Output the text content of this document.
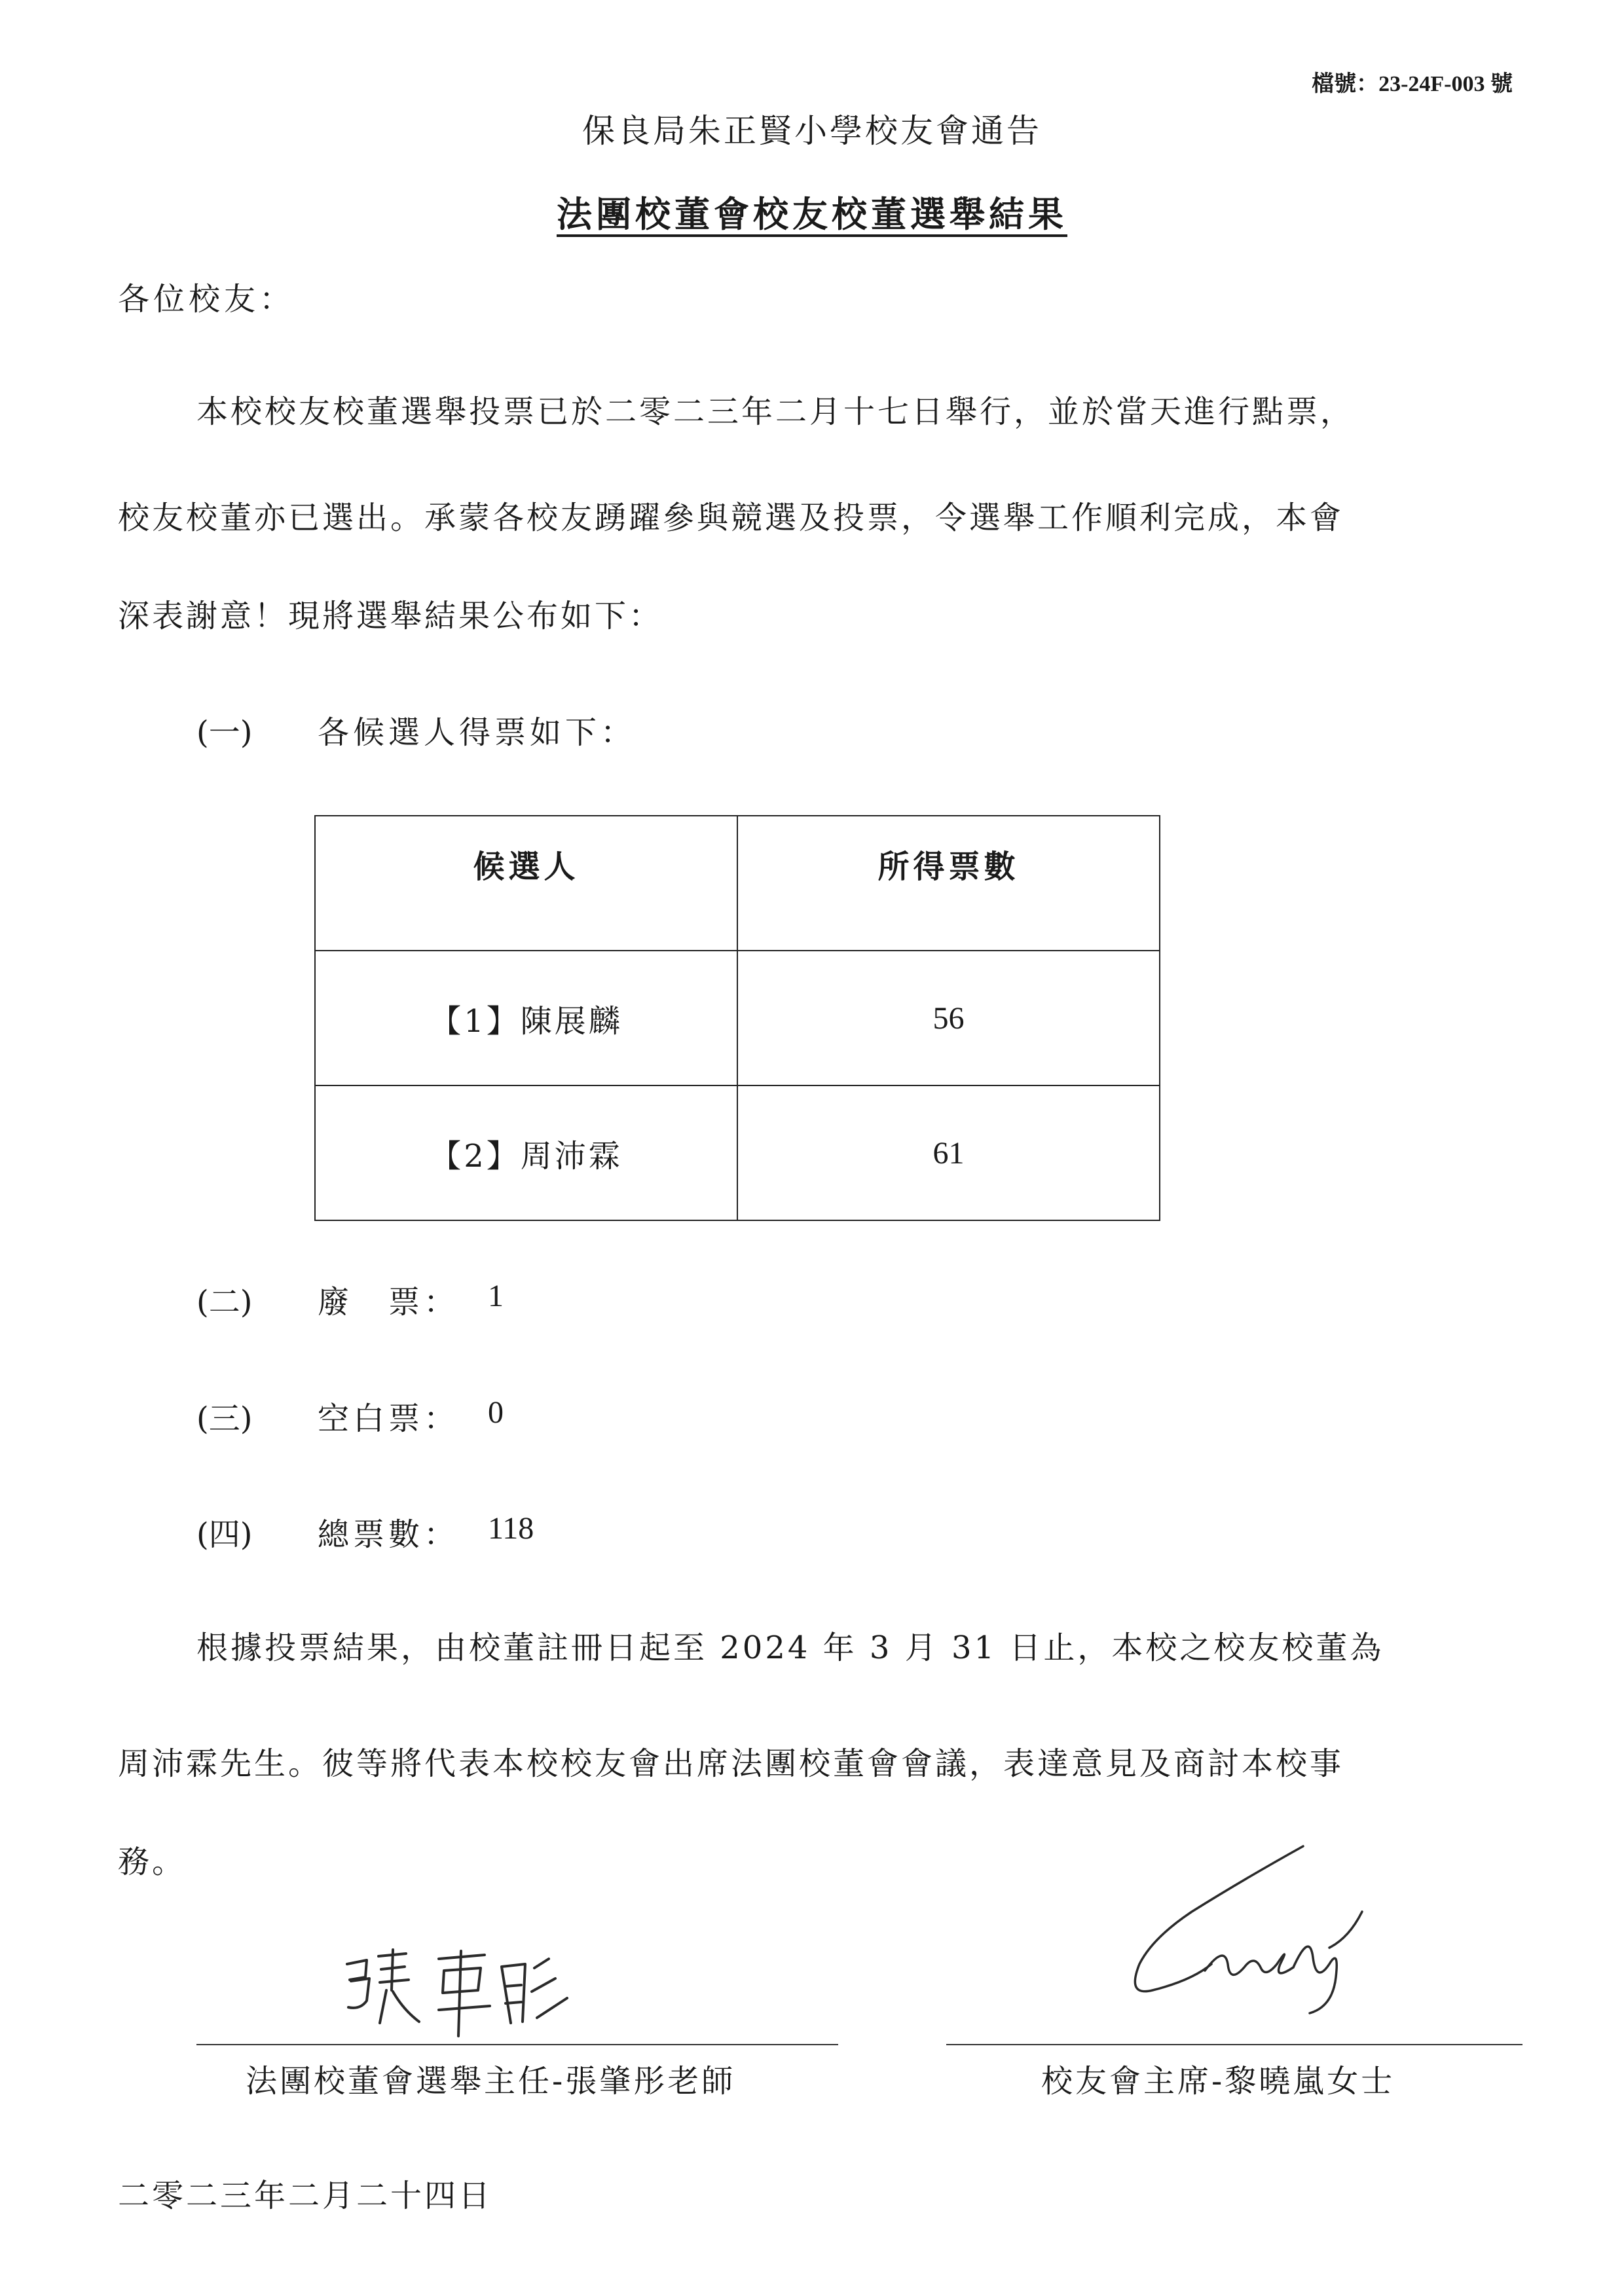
檔號：23-24F-003 號
保良局朱正賢小學校友會通告
法團校董會校友校董選舉結果
各位校友：
本校校友校董選舉投票已於二零二三年二月十七日舉行，並於當天進行點票，
校友校董亦已選出。承蒙各校友踴躍參與競選及投票，令選舉工作順利完成，本會
深表謝意！現將選舉結果公布如下：
(一) 各候選人得票如下：
候選人	所得票數
【1】陳展麟	56
【2】周沛霖	61
(二) 廢　票： 1
(三) 空白票： 0
(四) 總票數： 118
根據投票結果，由校董註冊日起至 2024 年 3 月 31 日止，本校之校友校董為
周沛霖先生。彼等將代表本校校友會出席法團校董會會議，表達意見及商討本校事
務。
法團校董會選舉主任-張肇彤老師	校友會主席-黎曉嵐女士
二零二三年二月二十四日
